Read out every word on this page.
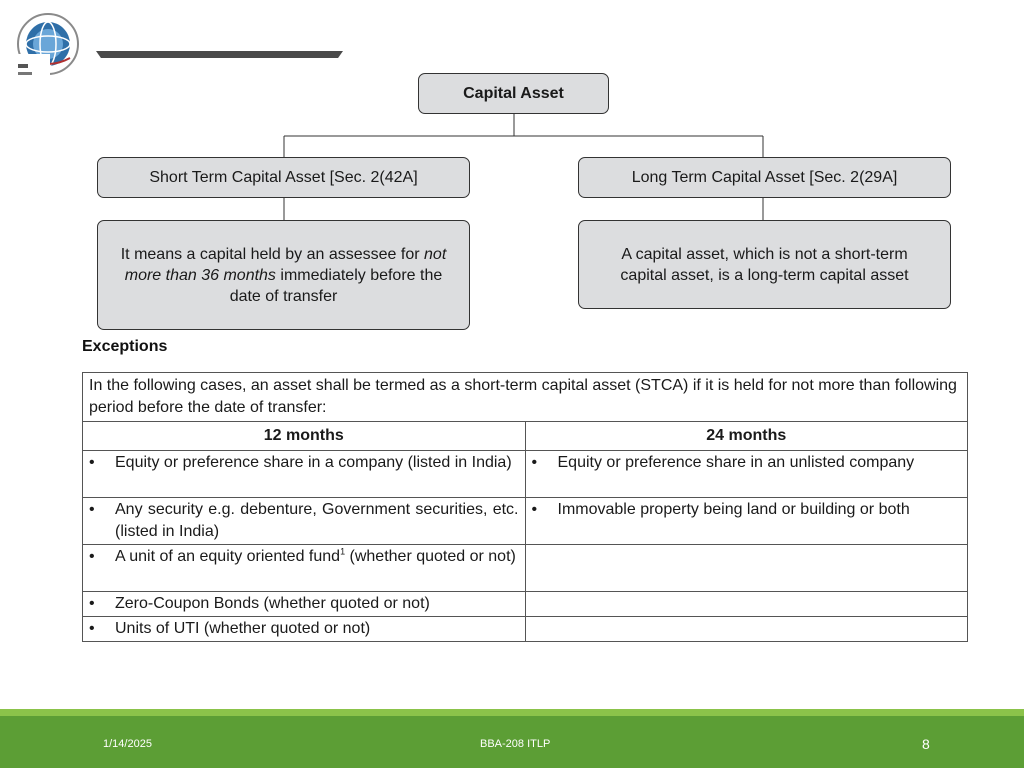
Capital Asset
Short Term Capital Asset [Sec. 2(42A]	Long Term Capital Asset [Sec. 2(29A]
It means a capital held by an assessee for not more than 36 months immediately before the date of transfer
A capital asset, which is not a short-term capital asset, is a long-term capital asset
Exceptions
In the following cases, an asset shall be termed as a short-term capital asset (STCA) if it is held for not more than following period before the date of transfer:	
12 months	24 months

• Equity or preference share in a company (listed in India)	• Equity or preference share in an unlisted company

• Any security e.g. debenture, Government securities, etc. (listed in India)	• Immovable property being land or building or both

• A unit of an equity oriented fund$^1$ (whether quoted or not)	

• Zero-Coupon Bonds (whether quoted or not)	

• Units of UTI (whether quoted or not)	
1/14/2025	BBA-208 ITLP	8
